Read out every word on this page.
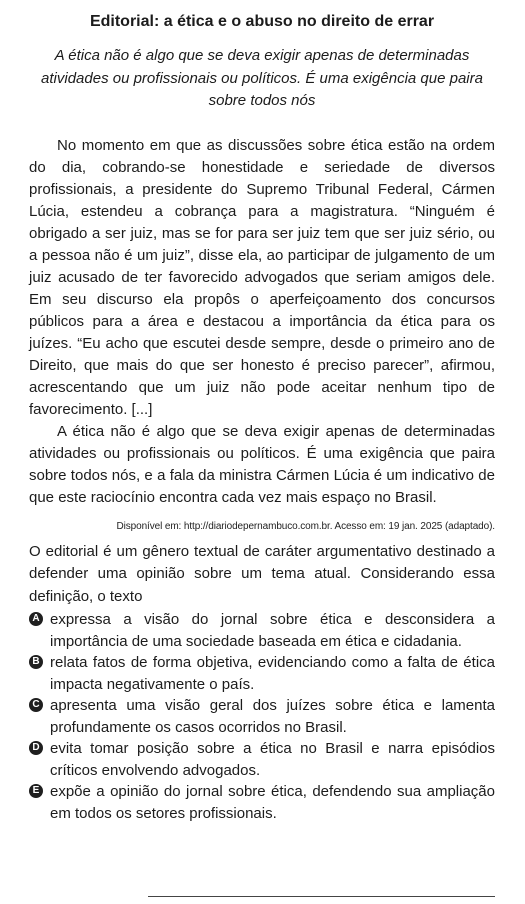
Editorial: a ética e o abuso no direito de errar

A ética não é algo que se deva exigir apenas de determinadas atividades ou profissionais ou políticos. É uma exigência que paira sobre todos nós

No momento em que as discussões sobre ética estão na ordem do dia, cobrando-se honestidade e seriedade de diversos profissionais, a presidente do Supremo Tribunal Federal, Cármen Lúcia, estendeu a cobrança para a magistratura. “Ninguém é obrigado a ser juiz, mas se for para ser juiz tem que ser juiz sério, ou a pessoa não é um juiz”, disse ela, ao participar de julgamento de um juiz acusado de ter favorecido advogados que seriam amigos dele. Em seu discurso ela propôs o aperfeiçoamento dos concursos públicos para a área e destacou a importância da ética para os juízes. “Eu acho que escutei desde sempre, desde o primeiro ano de Direito, que mais do que ser honesto é preciso parecer”, afirmou, acrescentando que um juiz não pode aceitar nenhum tipo de favorecimento. [...]

A ética não é algo que se deva exigir apenas de determinadas atividades ou profissionais ou políticos. É uma exigência que paira sobre todos nós, e a fala da ministra Cármen Lúcia é um indicativo de que este raciocínio encontra cada vez mais espaço no Brasil.

Disponível em: http://diariodepernambuco.com.br. Acesso em: 19 jan. 2025 (adaptado).

O editorial é um gênero textual de caráter argumentativo destinado a defender uma opinião sobre um tema atual. Considerando essa definição, o texto

A expressa a visão do jornal sobre ética e desconsidera a importância de uma sociedade baseada em ética e cidadania.
B relata fatos de forma objetiva, evidenciando como a falta de ética impacta negativamente o país.
C apresenta uma visão geral dos juízes sobre ética e lamenta profundamente os casos ocorridos no Brasil.
D evita tomar posição sobre a ética no Brasil e narra episódios críticos envolvendo advogados.
E expõe a opinião do jornal sobre ética, defendendo sua ampliação em todos os setores profissionais.
